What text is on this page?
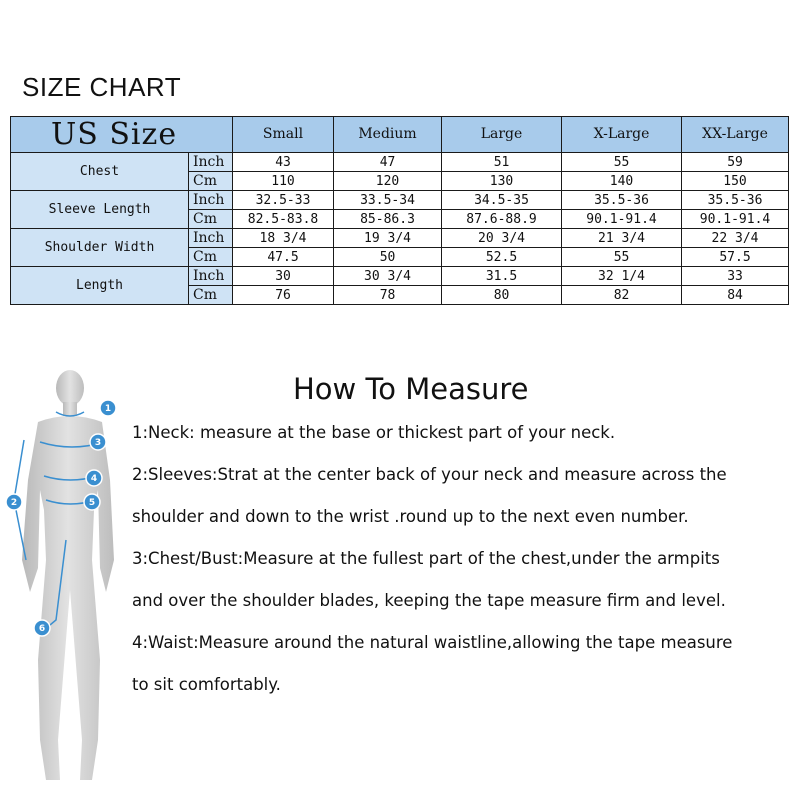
SIZE CHART
US Size		Small	Medium	Large	X-Large	XX-Large
Chest	Inch	43	47	51	55	59
	Cm	110	120	130	140	150
Sleeve Length	Inch	32.5-33	33.5-34	34.5-35	35.5-36	35.5-36
	Cm	82.5-83.8	85-86.3	87.6-88.9	90.1-91.4	90.1-91.4
Shoulder Width	Inch	18 3/4	19 3/4	20 3/4	21 3/4	22 3/4
	Cm	47.5	50	52.5	55	57.5
Length	Inch	30	30 3/4	31.5	32 1/4	33
	Cm	76	78	80	82	84
1
3
4
5
2
6
How To Measure

1:Neck: measure at the base or thickest part of your neck.

2:Sleeves:Strat at the center back of your neck and measure across the

shoulder and down to the wrist .round up to the next even number.

3:Chest/Bust:Measure at the fullest part of the chest,under the armpits

and over the shoulder blades, keeping the tape measure firm and level.

4:Waist:Measure around the natural waistline,allowing the tape measure

to sit comfortably.
